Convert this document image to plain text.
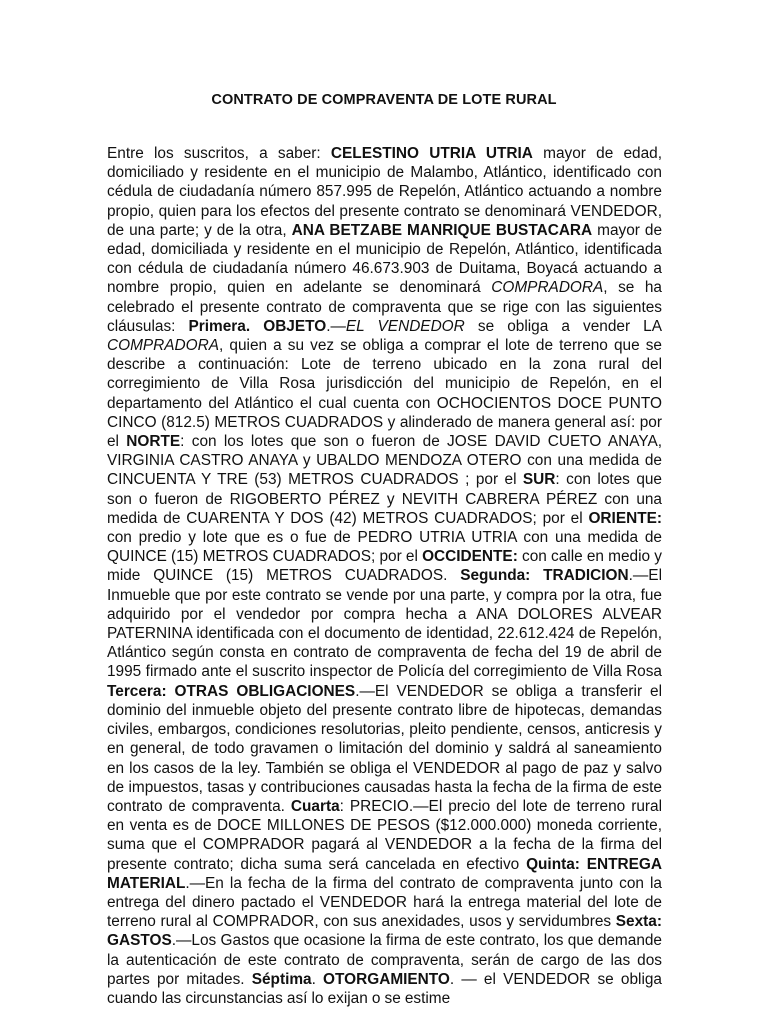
CONTRATO DE COMPRAVENTA DE LOTE RURAL
Entre los suscritos, a saber: CELESTINO UTRIA UTRIA mayor de edad, domiciliado y residente en el municipio de Malambo, Atlántico, identificado con cédula de ciudadanía número 857.995 de Repelón, Atlántico actuando a nombre propio, quien para los efectos del presente contrato se denominará VENDEDOR, de una parte; y de la otra, ANA BETZABE MANRIQUE BUSTACARA mayor de edad, domiciliada y residente en el municipio de Repelón, Atlántico, identificada con cédula de ciudadanía número 46.673.903 de Duitama, Boyacá actuando a nombre propio, quien en adelante se denominará COMPRADORA, se ha celebrado el presente contrato de compraventa que se rige con las siguientes cláusulas: Primera. OBJETO.—EL VENDEDOR se obliga a vender LA COMPRADORA, quien a su vez se obliga a comprar el lote de terreno que se describe a continuación: Lote de terreno ubicado en la zona rural del corregimiento de Villa Rosa jurisdicción del municipio de Repelón, en el departamento del Atlántico el cual cuenta con OCHOCIENTOS DOCE PUNTO CINCO (812.5) METROS CUADRADOS y alinderado de manera general así: por el NORTE: con los lotes que son o fueron de JOSE DAVID CUETO ANAYA, VIRGINIA CASTRO ANAYA y UBALDO MENDOZA OTERO con una medida de CINCUENTA Y TRE (53) METROS CUADRADOS ; por el SUR: con lotes que son o fueron de RIGOBERTO PÉREZ y NEVITH CABRERA PÉREZ con una medida de CUARENTA Y DOS (42) METROS CUADRADOS; por el ORIENTE: con predio y lote que es o fue de PEDRO UTRIA UTRIA con una medida de QUINCE (15) METROS CUADRADOS; por el OCCIDENTE: con calle en medio y mide QUINCE (15) METROS CUADRADOS. Segunda: TRADICION.—El Inmueble que por este contrato se vende por una parte, y compra por la otra, fue adquirido por el vendedor por compra hecha a ANA DOLORES ALVEAR PATERNINA identificada con el documento de identidad, 22.612.424 de Repelón, Atlántico según consta en contrato de compraventa de fecha del 19 de abril de 1995 firmado ante el suscrito inspector de Policía del corregimiento de Villa Rosa Tercera: OTRAS OBLIGACIONES.—El VENDEDOR se obliga a transferir el dominio del inmueble objeto del presente contrato libre de hipotecas, demandas civiles, embargos, condiciones resolutorias, pleito pendiente, censos, anticresis y en general, de todo gravamen o limitación del dominio y saldrá al saneamiento en los casos de la ley. También se obliga el VENDEDOR al pago de paz y salvo de impuestos, tasas y contribuciones causadas hasta la fecha de la firma de este contrato de compraventa. Cuarta: PRECIO.—El precio del lote de terreno rural en venta es de DOCE MILLONES DE PESOS ($12.000.000) moneda corriente, suma que el COMPRADOR pagará al VENDEDOR a la fecha de la firma del presente contrato; dicha suma será cancelada en efectivo Quinta: ENTREGA MATERIAL.—En la fecha de la firma del contrato de compraventa junto con la entrega del dinero pactado el VENDEDOR hará la entrega material del lote de terreno rural al COMPRADOR, con sus anexidades, usos y servidumbres Sexta: GASTOS.—Los Gastos que ocasione la firma de este contrato, los que demande la autenticación de este contrato de compraventa, serán de cargo de las dos partes por mitades. Séptima. OTORGAMIENTO. — el VENDEDOR se obliga cuando las circunstancias así lo exijan o se estime
